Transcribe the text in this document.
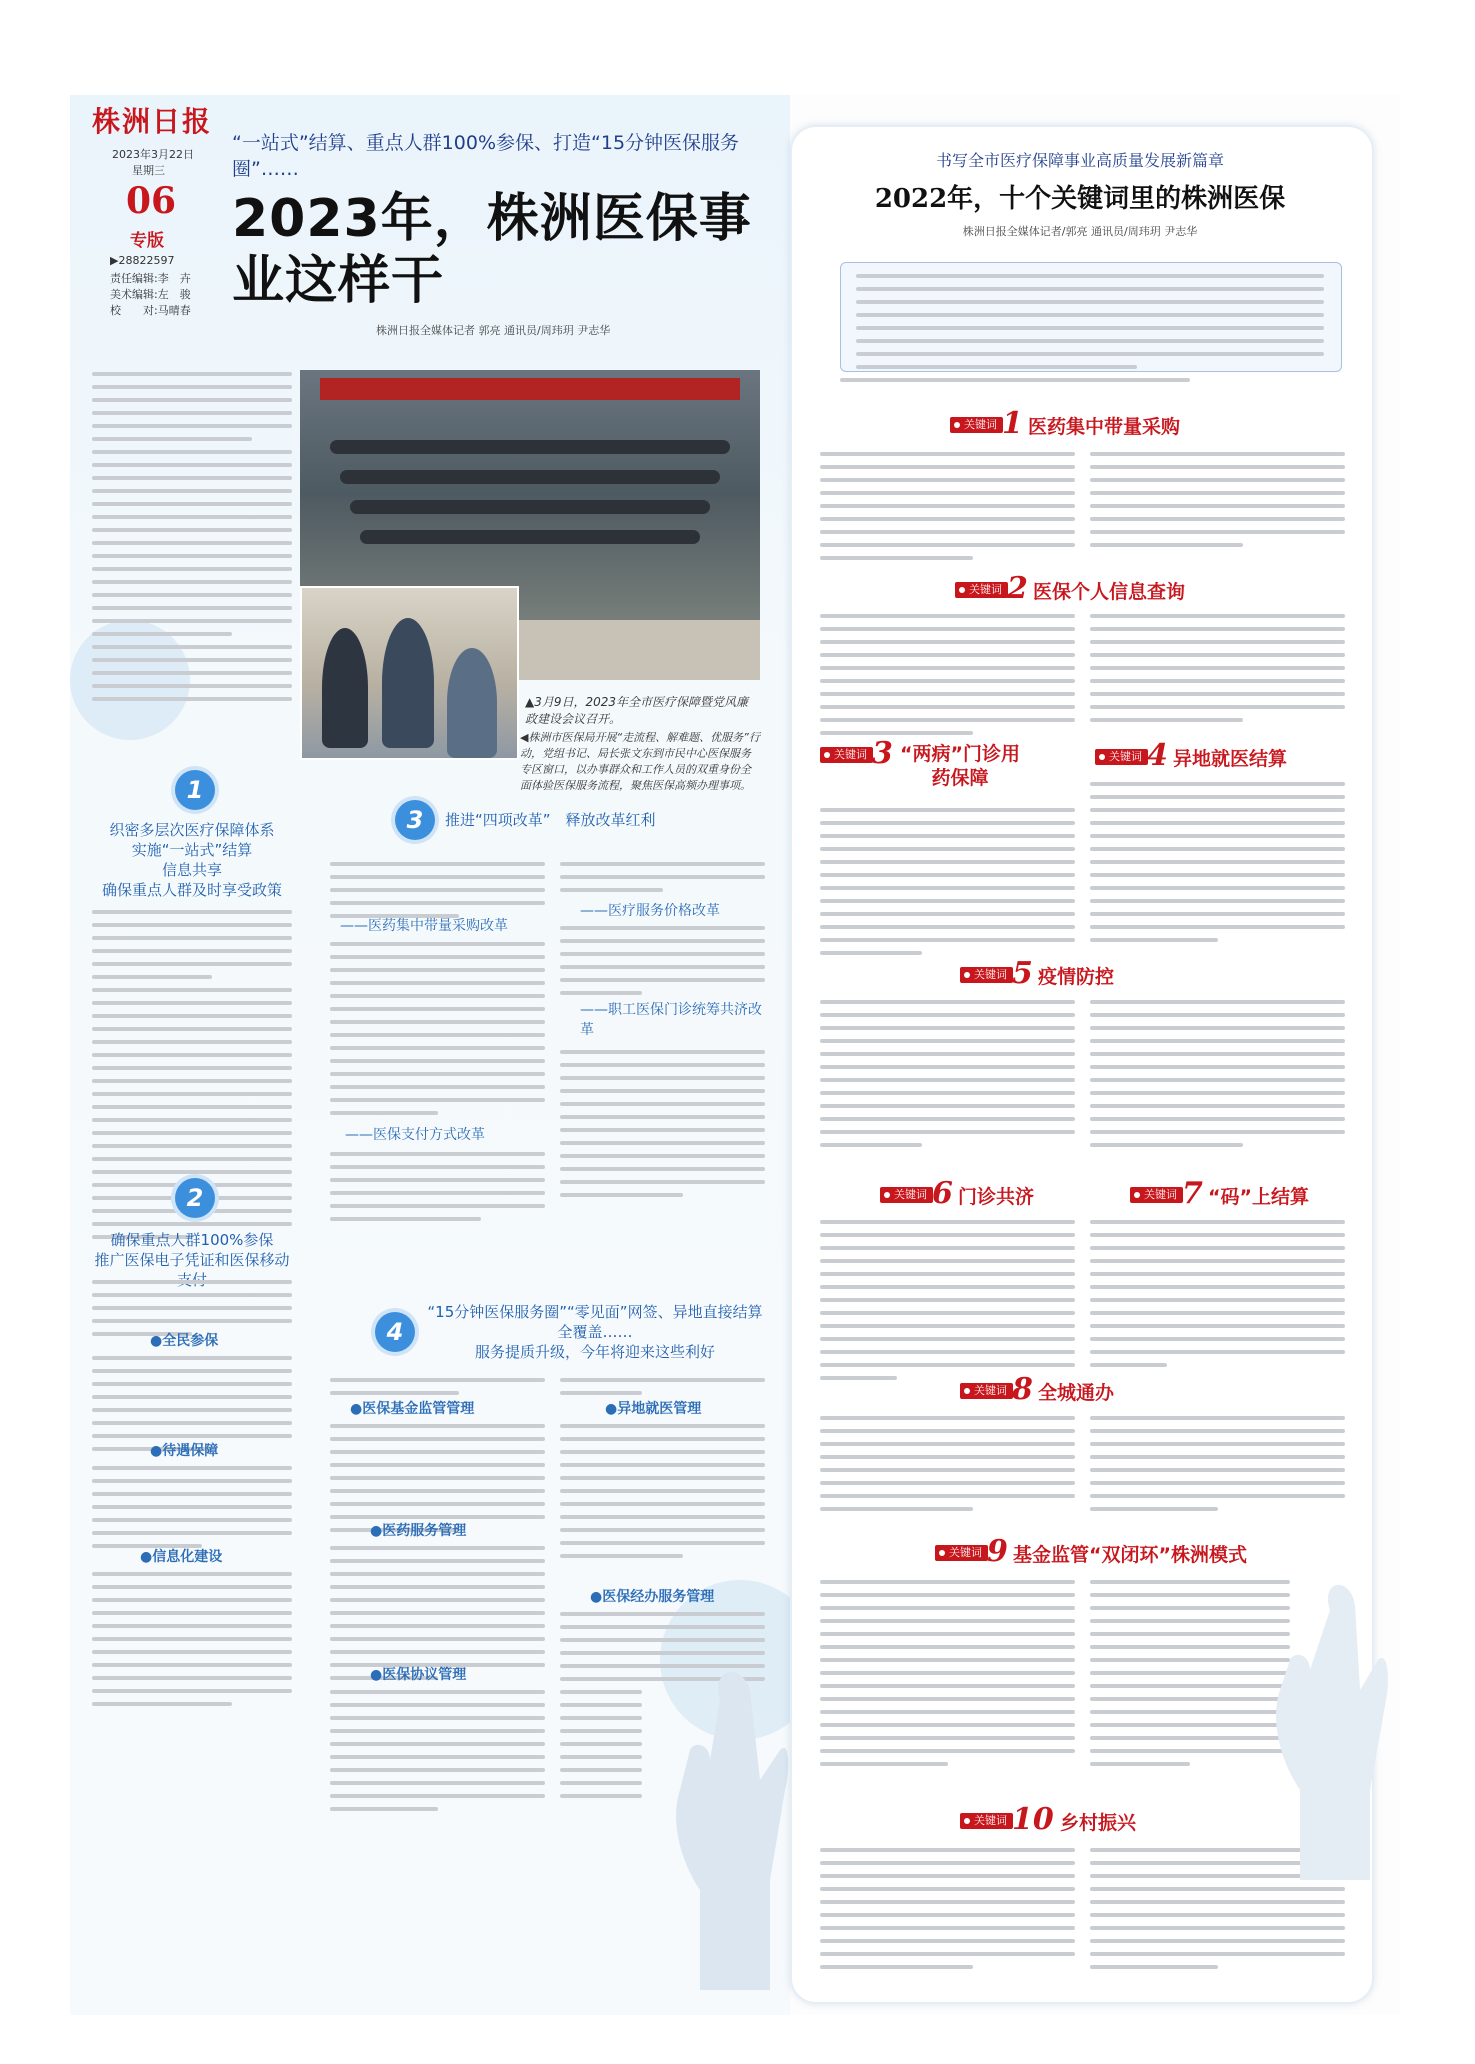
株洲日报
2023年3月22日
星期三
06
专版
▶28822597
责任编辑:李　卉
美术编辑:左　骏
校　　对:马晴春
“一站式”结算、重点人群100%参保、打造“15分钟医保服务圈”……
2023年，株洲医保事业这样干
株洲日报全媒体记者 郭亮 通讯员/周玮玥 尹志华
▲3月9日，2023年全市医疗保障暨党风廉政建设会议召开。
◀株洲市医保局开展“走流程、解难题、优服务”行动，党组书记、局长张文东到市民中心医保服务专区窗口，以办事群众和工作人员的双重身份全面体验医保服务流程，聚焦医保高频办理事项。
1
织密多层次医疗保障体系
实施“一站式”结算
信息共享
确保重点人群及时享受政策
2
确保重点人群100%参保
推广医保电子凭证和医保移动
●全民参保
●待遇保障
●信息化建设
3	推进“四项改革”　释放改革红利
——医药集中带量采购改革
——医保支付方式改革
——医疗服务价格改革
——职工医保门诊统筹共济改革
4
“15分钟医保服务圈”“零见面”网签、异地直接结算全覆盖……
服务提质升级，今年将迎来这些利好
●医保基金监管管理
●医药服务管理
●医保协议管理
●异地就医管理
●医保经办服务管理
书写全市医疗保障事业高质量发展新篇章
2022年，十个关键词里的株洲医保
株洲日报全媒体记者/郭亮 通讯员/周玮玥 尹志华
关键词 1 医药集中带量采购
关键词 2 医保个人信息查询
关键词 3 “两病”门诊用药保障
关键词 4 异地就医结算
关键词 5 疫情防控
关键词 6 门诊共济	关键词 7 “码”上结算
关键词 8 全城通办
关键词 9 基金监管“双闭环”株洲模式
关键词 10 乡村振兴
